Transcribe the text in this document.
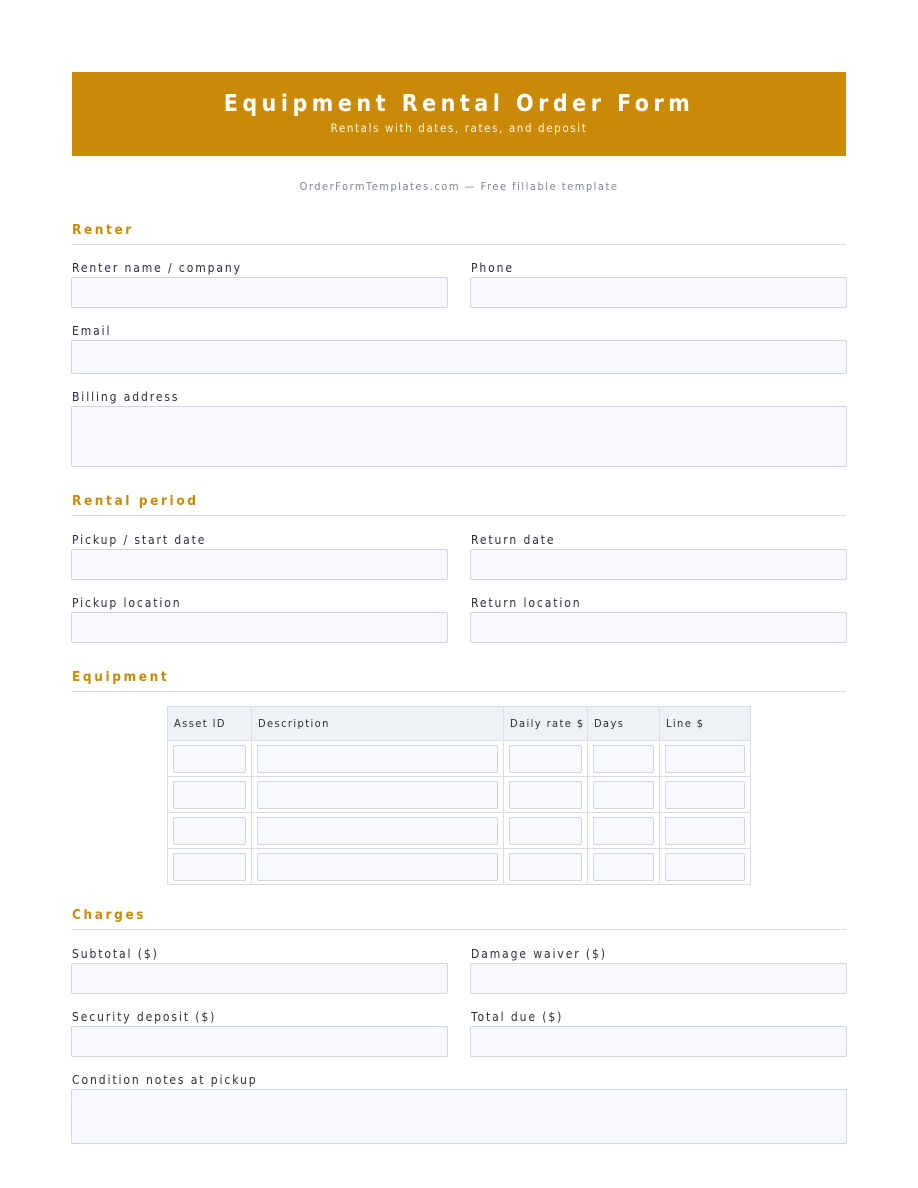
Equipment Rental Order Form
Rentals with dates, rates, and deposit
OrderFormTemplates.com — Free fillable template
Renter
Renter name / company	Phone
Email
Billing address
Rental period
Pickup / start date	Return date
Pickup location	Return location
Equipment
Asset ID	Description	Daily rate $	Days	Line $

Charges
Subtotal ($)	Damage waiver ($)
Security deposit ($)	Total due ($)
Condition notes at pickup
